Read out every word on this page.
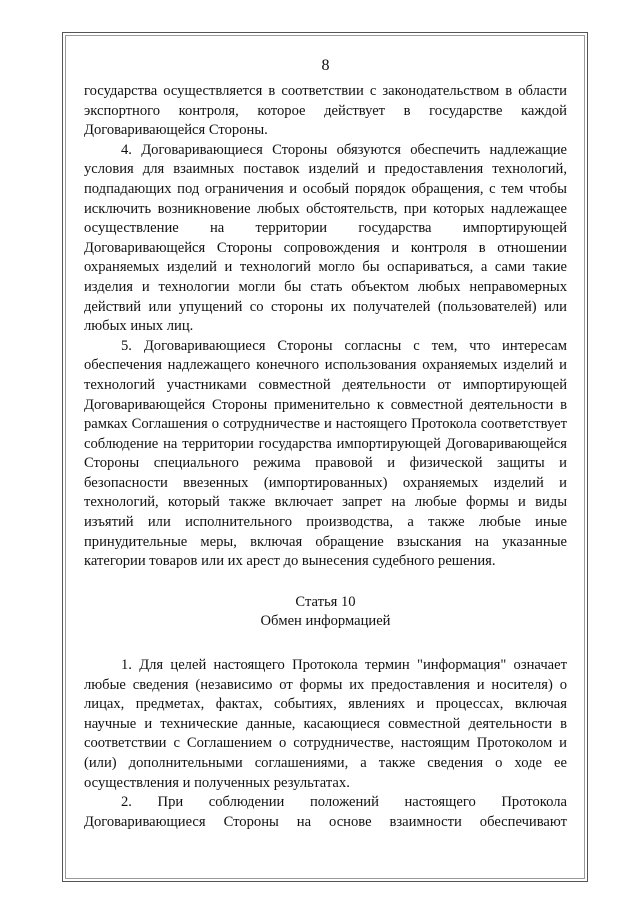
8

государства осуществляется в соответствии с законодательством в области экспортного контроля, которое действует в государстве каждой Договаривающейся Стороны.

4. Договаривающиеся Стороны обязуются обеспечить надлежащие условия для взаимных поставок изделий и предоставления технологий, подпадающих под ограничения и особый порядок обращения, с тем чтобы исключить возникновение любых обстоятельств, при которых надлежащее осуществление на территории государства импортирующей Договаривающейся Стороны сопровождения и контроля в отношении охраняемых изделий и технологий могло бы оспариваться, а сами такие изделия и технологии могли бы стать объектом любых неправомерных действий или упущений со стороны их получателей (пользователей) или любых иных лиц.

5. Договаривающиеся Стороны согласны с тем, что интересам обеспечения надлежащего конечного использования охраняемых изделий и технологий участниками совместной деятельности от импортирующей Договаривающейся Стороны применительно к совместной деятельности в рамках Соглашения о сотрудничестве и настоящего Протокола соответствует соблюдение на территории государства импортирующей Договаривающейся Стороны специального режима правовой и физической защиты и безопасности ввезенных (импортированных) охраняемых изделий и технологий, который также включает запрет на любые формы и виды изъятий или исполнительного производства, а также любые иные принудительные меры, включая обращение взыскания на указанные категории товаров или их арест до вынесения судебного решения.

Статья 10
Обмен информацией

1. Для целей настоящего Протокола термин "информация" означает любые сведения (независимо от формы их предоставления и носителя) о лицах, предметах, фактах, событиях, явлениях и процессах, включая научные и технические данные, касающиеся совместной деятельности в соответствии с Соглашением о сотрудничестве, настоящим Протоколом и (или) дополнительными соглашениями, а также сведения о ходе ее осуществления и полученных результатах.

2. При соблюдении положений настоящего Протокола Договаривающиеся Стороны на основе взаимности обеспечивают
